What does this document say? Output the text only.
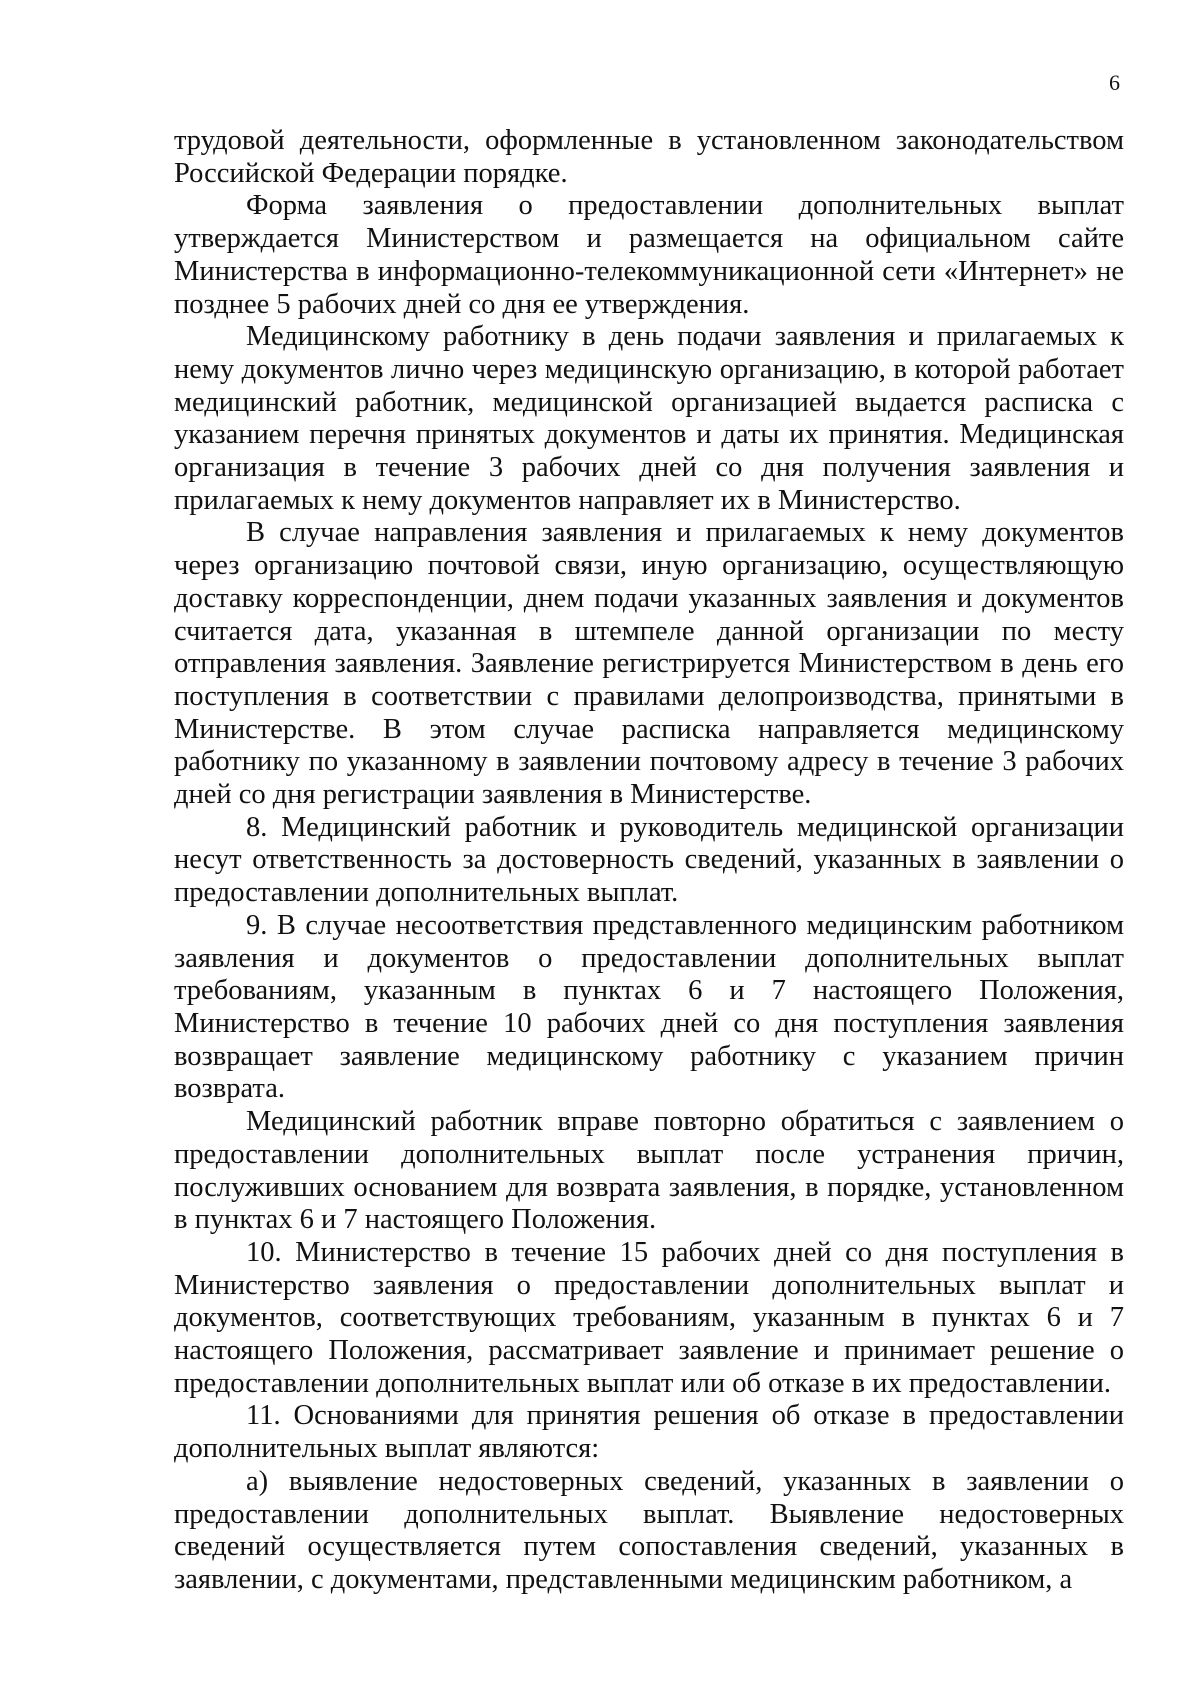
6

трудовой деятельности, оформленные в установленном законодательством Российской Федерации порядке.

Форма заявления о предоставлении дополнительных выплат утверждается Министерством и размещается на официальном сайте Министерства в информационно-телекоммуникационной сети «Интернет» не позднее 5 рабочих дней со дня ее утверждения.

Медицинскому работнику в день подачи заявления и прилагаемых к нему документов лично через медицинскую организацию, в которой работает медицинский работник, медицинской организацией выдается расписка с указанием перечня принятых документов и даты их принятия. Медицинская организация в течение 3 рабочих дней со дня получения заявления и прилагаемых к нему документов направляет их в Министерство.

В случае направления заявления и прилагаемых к нему документов через организацию почтовой связи, иную организацию, осуществляющую доставку корреспонденции, днем подачи указанных заявления и документов считается дата, указанная в штемпеле данной организации по месту отправления заявления. Заявление регистрируется Министерством в день его поступления в соответствии с правилами делопроизводства, принятыми в Министерстве. В этом случае расписка направляется медицинскому работнику по указанному в заявлении почтовому адресу в течение 3 рабочих дней со дня регистрации заявления в Министерстве.

8. Медицинский работник и руководитель медицинской организации несут ответственность за достоверность сведений, указанных в заявлении о предоставлении дополнительных выплат.

9. В случае несоответствия представленного медицинским работником заявления и документов о предоставлении дополнительных выплат требованиям, указанным в пунктах 6 и 7 настоящего Положения, Министерство в течение 10 рабочих дней со дня поступления заявления возвращает заявление медицинскому работнику с указанием причин возврата.

Медицинский работник вправе повторно обратиться с заявлением о предоставлении дополнительных выплат после устранения причин, послуживших основанием для возврата заявления, в порядке, установленном в пунктах 6 и 7 настоящего Положения.

10. Министерство в течение 15 рабочих дней со дня поступления в Министерство заявления о предоставлении дополнительных выплат и документов, соответствующих требованиям, указанным в пунктах 6 и 7 настоящего Положения, рассматривает заявление и принимает решение о предоставлении дополнительных выплат или об отказе в их предоставлении.

11. Основаниями для принятия решения об отказе в предоставлении дополнительных выплат являются:

а) выявление недостоверных сведений, указанных в заявлении о предоставлении дополнительных выплат. Выявление недостоверных сведений осуществляется путем сопоставления сведений, указанных в заявлении, с документами, представленными медицинским работником, а
